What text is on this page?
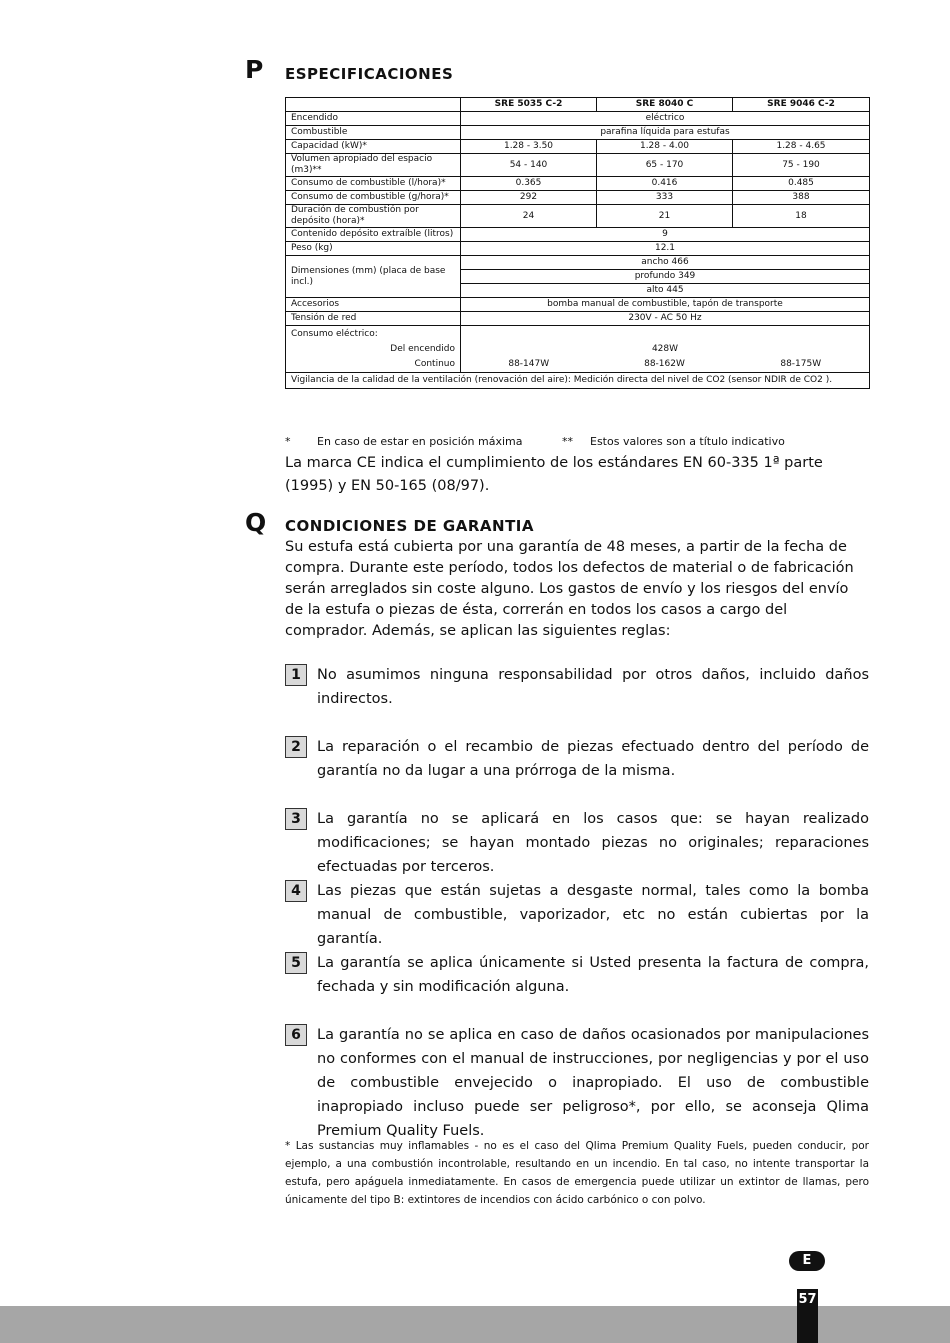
P ESPECIFICACIONES
	SRE 5035 C-2	SRE 8040 C	SRE 9046 C-2
Encendido	eléctrico		
Combustible	parafina líquida para estufas		
Capacidad (kW)*	1.28 - 3.50	1.28 - 4.00	1.28 - 4.65
Volumen apropiado del espacio (m3)**	54 - 140	65 - 170	75 - 190
Consumo de combustible (l/hora)*	0.365	0.416	0.485
Consumo de combustible (g/hora)*	292	333	388
Duración de combustión por depósito (hora)*	24	21	18
Contenido depósito extraíble (litros)	9		
Peso (kg)	12.1		
Dimensiones (mm) (placa de base incl.)	ancho 466		
	profundo 349		
	alto 445		
Accesorios	bomba manual de combustible, tapón de transporte		
Tensión de red	230V - AC 50 Hz		
Consumo eléctrico:			
Del encendido	428W		
Continuo	88-147W	88-162W	88-175W
Vigilancia de la calidad de la ventilación (renovación del aire): Medición directa del nivel de CO2 (sensor NDIR de CO2 ).			
* En caso de estar en posición máxima	** Estos valores son a título indicativo
La marca CE indica el cumplimiento de los estándares EN 60-335 1ª parte (1995) y EN 50-165 (08/97).
Q CONDICIONES DE GARANTIA
Su estufa está cubierta por una garantía de 48 meses, a partir de la fecha de compra. Durante este período, todos los defectos de material o de fabricación serán arreglados sin coste alguno. Los gastos de envío y los riesgos del envío de la estufa o piezas de ésta, correrán en todos los casos a cargo del comprador. Además, se aplican las siguientes reglas:
1	No asumimos ninguna responsabilidad por otros daños, incluido daños indirectos.
2	La reparación o el recambio de piezas efectuado dentro del período de garantía no da lugar a una prórroga de la misma.
3	La garantía no se aplicará en los casos que: se hayan realizado modificaciones; se hayan montado piezas no originales; reparaciones efectuadas por terceros.
4	Las piezas que están sujetas a desgaste normal, tales como la bomba manual de combustible, vaporizador, etc no están cubiertas por la garantía.
5	La garantía se aplica únicamente si Usted presenta la factura de compra, fechada y sin modificación alguna.
6	La garantía no se aplica en caso de daños ocasionados por manipulaciones no conformes con el manual de instrucciones, por negligencias y por el uso de combustible envejecido o inapropiado. El uso de combustible inapropiado incluso puede ser peligroso*, por ello, se aconseja Qlima Premium Quality Fuels.
* Las sustancias muy inflamables - no es el caso del Qlima Premium Quality Fuels, pueden conducir, por ejemplo, a una combustión incontrolable, resultando en un incendio. En tal caso, no intente transportar la estufa, pero apáguela inmediatamente. En casos de emergencia puede utilizar un extintor de llamas, pero únicamente del tipo B: extintores de incendios con ácido carbónico o con polvo.
E
57
